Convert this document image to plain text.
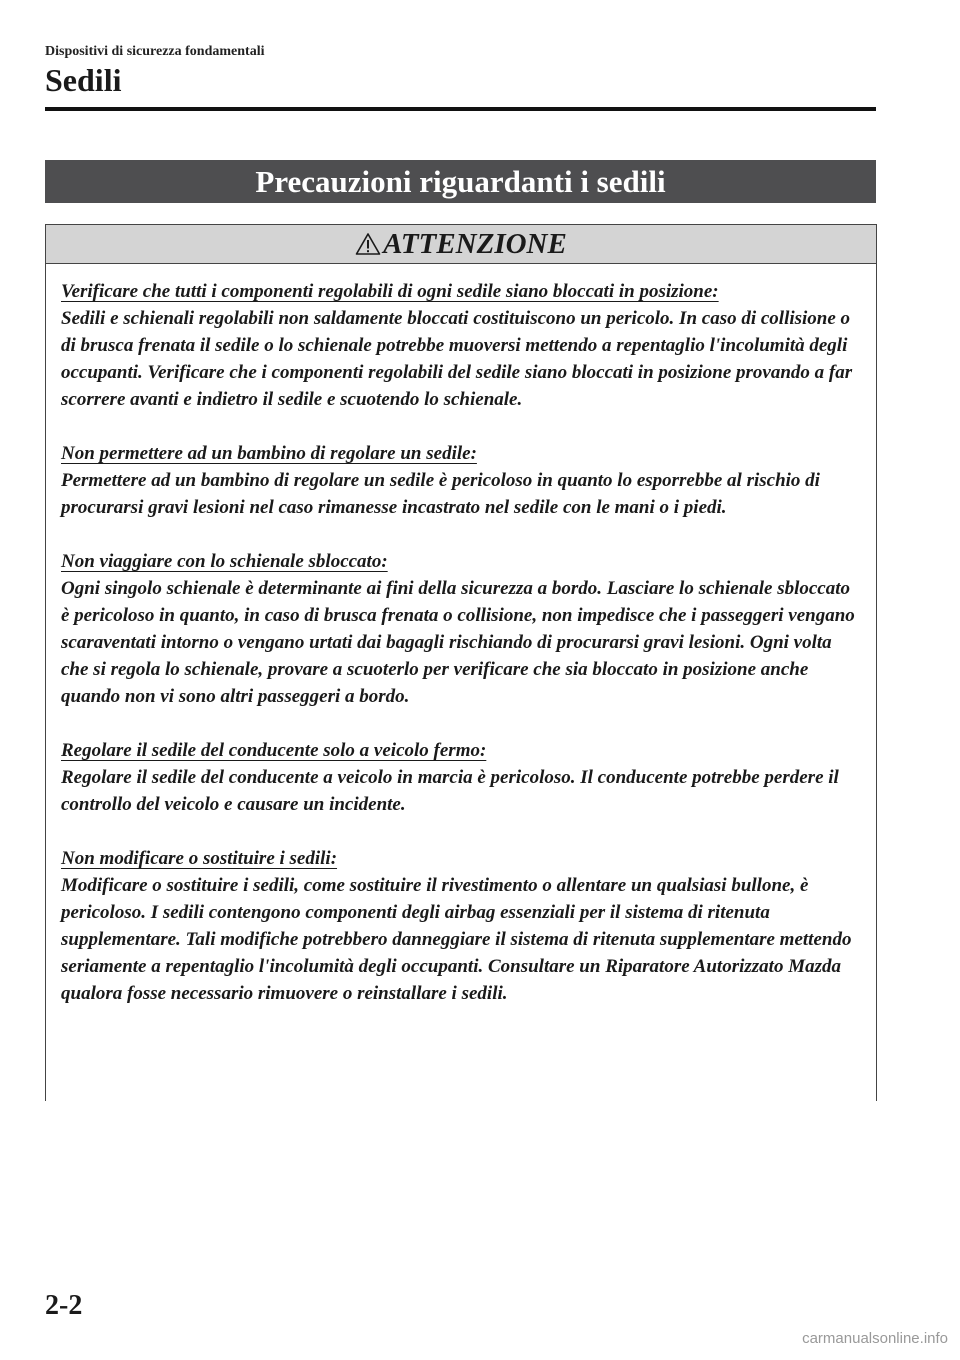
Dispositivi di sicurezza fondamentali
Sedili
Precauzioni riguardanti i sedili
ATTENZIONE
Verificare che tutti i componenti regolabili di ogni sedile siano bloccati in posizione:
Sedili e schienali regolabili non saldamente bloccati costituiscono un pericolo. In caso di collisione o di brusca frenata il sedile o lo schienale potrebbe muoversi mettendo a repentaglio l'incolumità degli occupanti. Verificare che i componenti regolabili del sedile siano bloccati in posizione provando a far scorrere avanti e indietro il sedile e scuotendo lo schienale.
Non permettere ad un bambino di regolare un sedile:
Permettere ad un bambino di regolare un sedile è pericoloso in quanto lo esporrebbe al rischio di procurarsi gravi lesioni nel caso rimanesse incastrato nel sedile con le mani o i piedi.
Non viaggiare con lo schienale sbloccato:
Ogni singolo schienale è determinante ai fini della sicurezza a bordo. Lasciare lo schienale sbloccato è pericoloso in quanto, in caso di brusca frenata o collisione, non impedisce che i passeggeri vengano scaraventati intorno o vengano urtati dai bagagli rischiando di procurarsi gravi lesioni. Ogni volta che si regola lo schienale, provare a scuoterlo per verificare che sia bloccato in posizione anche quando non vi sono altri passeggeri a bordo.
Regolare il sedile del conducente solo a veicolo fermo:
Regolare il sedile del conducente a veicolo in marcia è pericoloso. Il conducente potrebbe perdere il controllo del veicolo e causare un incidente.
Non modificare o sostituire i sedili:
Modificare o sostituire i sedili, come sostituire il rivestimento o allentare un qualsiasi bullone, è pericoloso. I sedili contengono componenti degli airbag essenziali per il sistema di ritenuta supplementare. Tali modifiche potrebbero danneggiare il sistema di ritenuta supplementare mettendo seriamente a repentaglio l'incolumità degli occupanti. Consultare un Riparatore Autorizzato Mazda qualora fosse necessario rimuovere o reinstallare i sedili.
2-2
carmanualsonline.info
